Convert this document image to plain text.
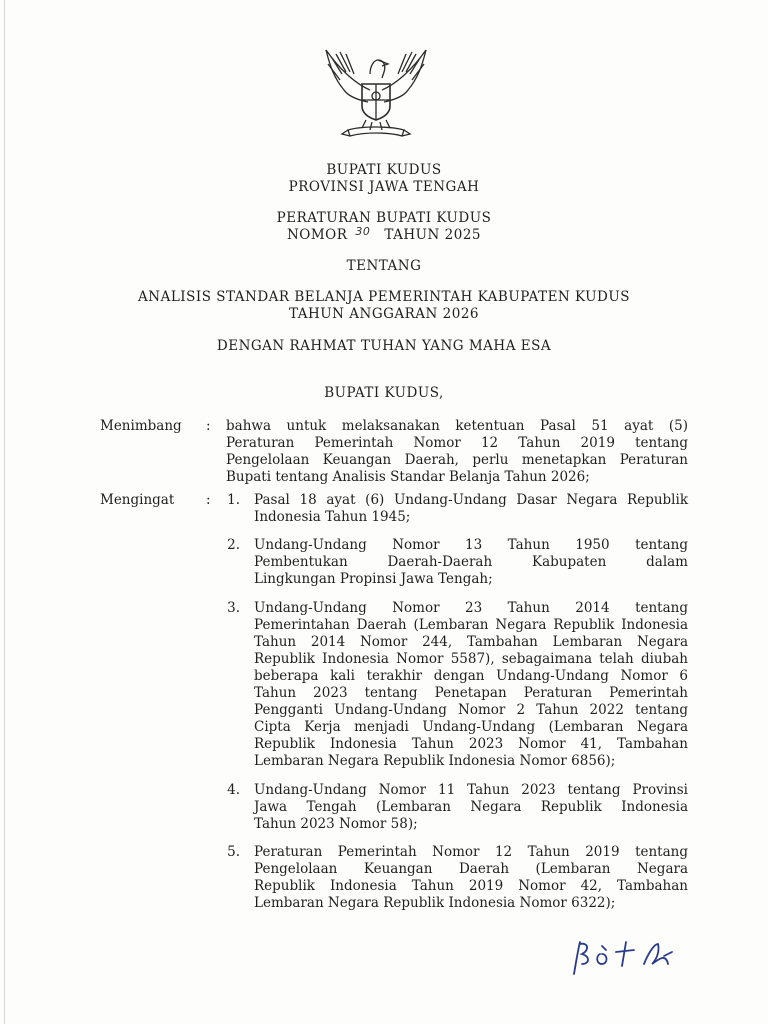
BUPATI KUDUS
PROVINSI JAWA TENGAH
PERATURAN BUPATI KUDUS
NOMOR 30 TAHUN 2025
TENTANG
ANALISIS STANDAR BELANJA PEMERINTAH KABUPATEN KUDUS
TAHUN ANGGARAN 2026
DENGAN RAHMAT TUHAN YANG MAHA ESA
BUPATI KUDUS,
Menimbang : bahwa untuk melaksanakan ketentuan Pasal 51 ayat (5)
Peraturan Pemerintah Nomor 12 Tahun 2019 tentang
Pengelolaan Keuangan Daerah, perlu menetapkan Peraturan
Bupati tentang Analisis Standar Belanja Tahun 2026;
Mengingat :	1. Pasal 18 ayat (6) Undang-Undang Dasar Negara Republik
Indonesia Tahun 1945;
2. Undang-Undang Nomor 13 Tahun 1950 tentang
Pembentukan Daerah-Daerah Kabupaten dalam
Lingkungan Propinsi Jawa Tengah;
3. Undang-Undang Nomor 23 Tahun 2014 tentang
Pemerintahan Daerah (Lembaran Negara Republik Indonesia
Tahun 2014 Nomor 244, Tambahan Lembaran Negara
Republik Indonesia Nomor 5587), sebagaimana telah diubah
beberapa kali terakhir dengan Undang-Undang Nomor 6
Tahun 2023 tentang Penetapan Peraturan Pemerintah
Pengganti Undang-Undang Nomor 2 Tahun 2022 tentang
Cipta Kerja menjadi Undang-Undang (Lembaran Negara
Republik Indonesia Tahun 2023 Nomor 41, Tambahan
Lembaran Negara Republik Indonesia Nomor 6856);
4. Undang-Undang Nomor 11 Tahun 2023 tentang Provinsi
Jawa Tengah (Lembaran Negara Republik Indonesia
Tahun 2023 Nomor 58);
5. Peraturan Pemerintah Nomor 12 Tahun 2019 tentang
Pengelolaan Keuangan Daerah (Lembaran Negara
Republik Indonesia Tahun 2019 Nomor 42, Tambahan
Lembaran Negara Republik Indonesia Nomor 6322);
